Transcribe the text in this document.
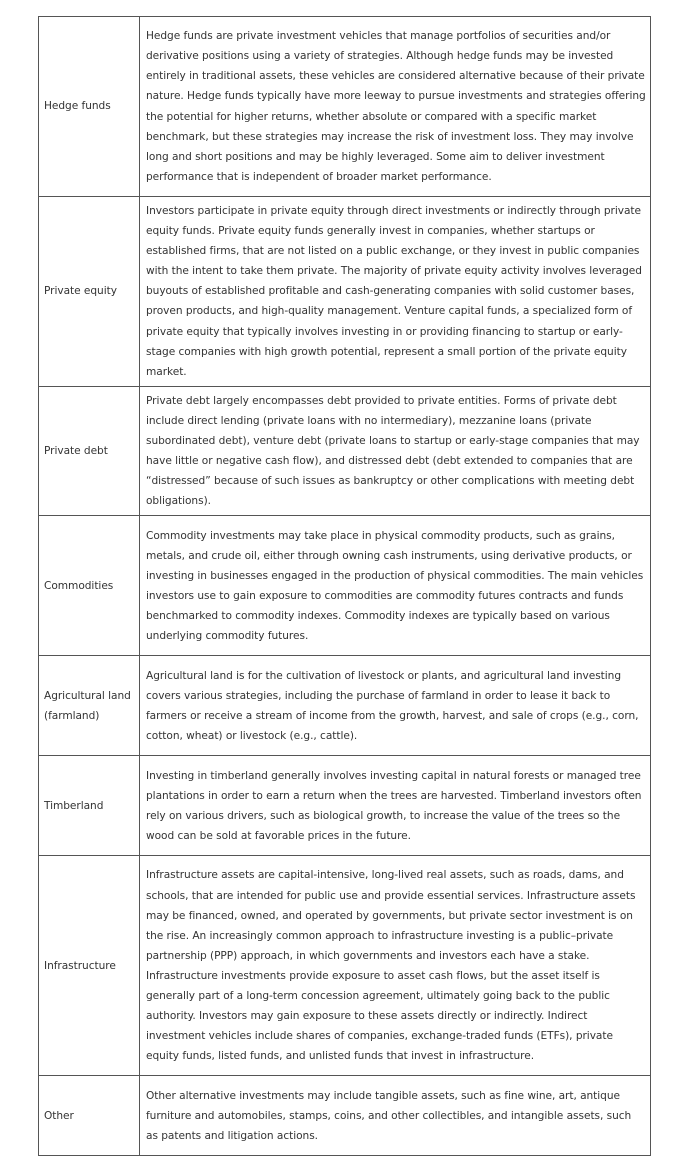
Hedge funds	Hedge funds are private investment vehicles that manage portfolios of securities and/or derivative positions using a variety of strategies. Although hedge funds may be invested entirely in traditional assets, these vehicles are considered alternative because of their private nature. Hedge funds typically have more leeway to pursue investments and strategies offering the potential for higher returns, whether absolute or compared with a specific market benchmark, but these strategies may increase the risk of investment loss. They may involve long and short positions and may be highly leveraged. Some aim to deliver investment performance that is independent of broader market performance.
Private equity	Investors participate in private equity through direct investments or indirectly through private equity funds. Private equity funds generally invest in companies, whether startups or established firms, that are not listed on a public exchange, or they invest in public companies with the intent to take them private. The majority of private equity activity involves leveraged buyouts of established profitable and cash-generating companies with solid customer bases, proven products, and high-quality management. Venture capital funds, a specialized form of private equity that typically involves investing in or providing financing to startup or early-stage companies with high growth potential, represent a small portion of the private equity market.
Private debt	Private debt largely encompasses debt provided to private entities. Forms of private debt include direct lending (private loans with no intermediary), mezzanine loans (private subordinated debt), venture debt (private loans to startup or early-stage companies that may have little or negative cash flow), and distressed debt (debt extended to companies that are “distressed” because of such issues as bankruptcy or other complications with meeting debt obligations).
Commodities	Commodity investments may take place in physical commodity products, such as grains, metals, and crude oil, either through owning cash instruments, using derivative products, or investing in businesses engaged in the production of physical commodities. The main vehicles investors use to gain exposure to commodities are commodity futures contracts and funds benchmarked to commodity indexes. Commodity indexes are typically based on various underlying commodity futures.
Agricultural land (farmland)	Agricultural land is for the cultivation of livestock or plants, and agricultural land investing covers various strategies, including the purchase of farmland in order to lease it back to farmers or receive a stream of income from the growth, harvest, and sale of crops (e.g., corn, cotton, wheat) or livestock (e.g., cattle).
Timberland	Investing in timberland generally involves investing capital in natural forests or managed tree plantations in order to earn a return when the trees are harvested. Timberland investors often rely on various drivers, such as biological growth, to increase the value of the trees so the wood can be sold at favorable prices in the future.
Infrastructure	Infrastructure assets are capital-intensive, long-lived real assets, such as roads, dams, and schools, that are intended for public use and provide essential services. Infrastructure assets may be financed, owned, and operated by governments, but private sector investment is on the rise. An increasingly common approach to infrastructure investing is a public–private partnership (PPP) approach, in which governments and investors each have a stake. Infrastructure investments provide exposure to asset cash flows, but the asset itself is generally part of a long-term concession agreement, ultimately going back to the public authority. Investors may gain exposure to these assets directly or indirectly. Indirect investment vehicles include shares of companies, exchange-traded funds (ETFs), private equity funds, listed funds, and unlisted funds that invest in infrastructure.
Other	Other alternative investments may include tangible assets, such as fine wine, art, antique furniture and automobiles, stamps, coins, and other collectibles, and intangible assets, such as patents and litigation actions.
